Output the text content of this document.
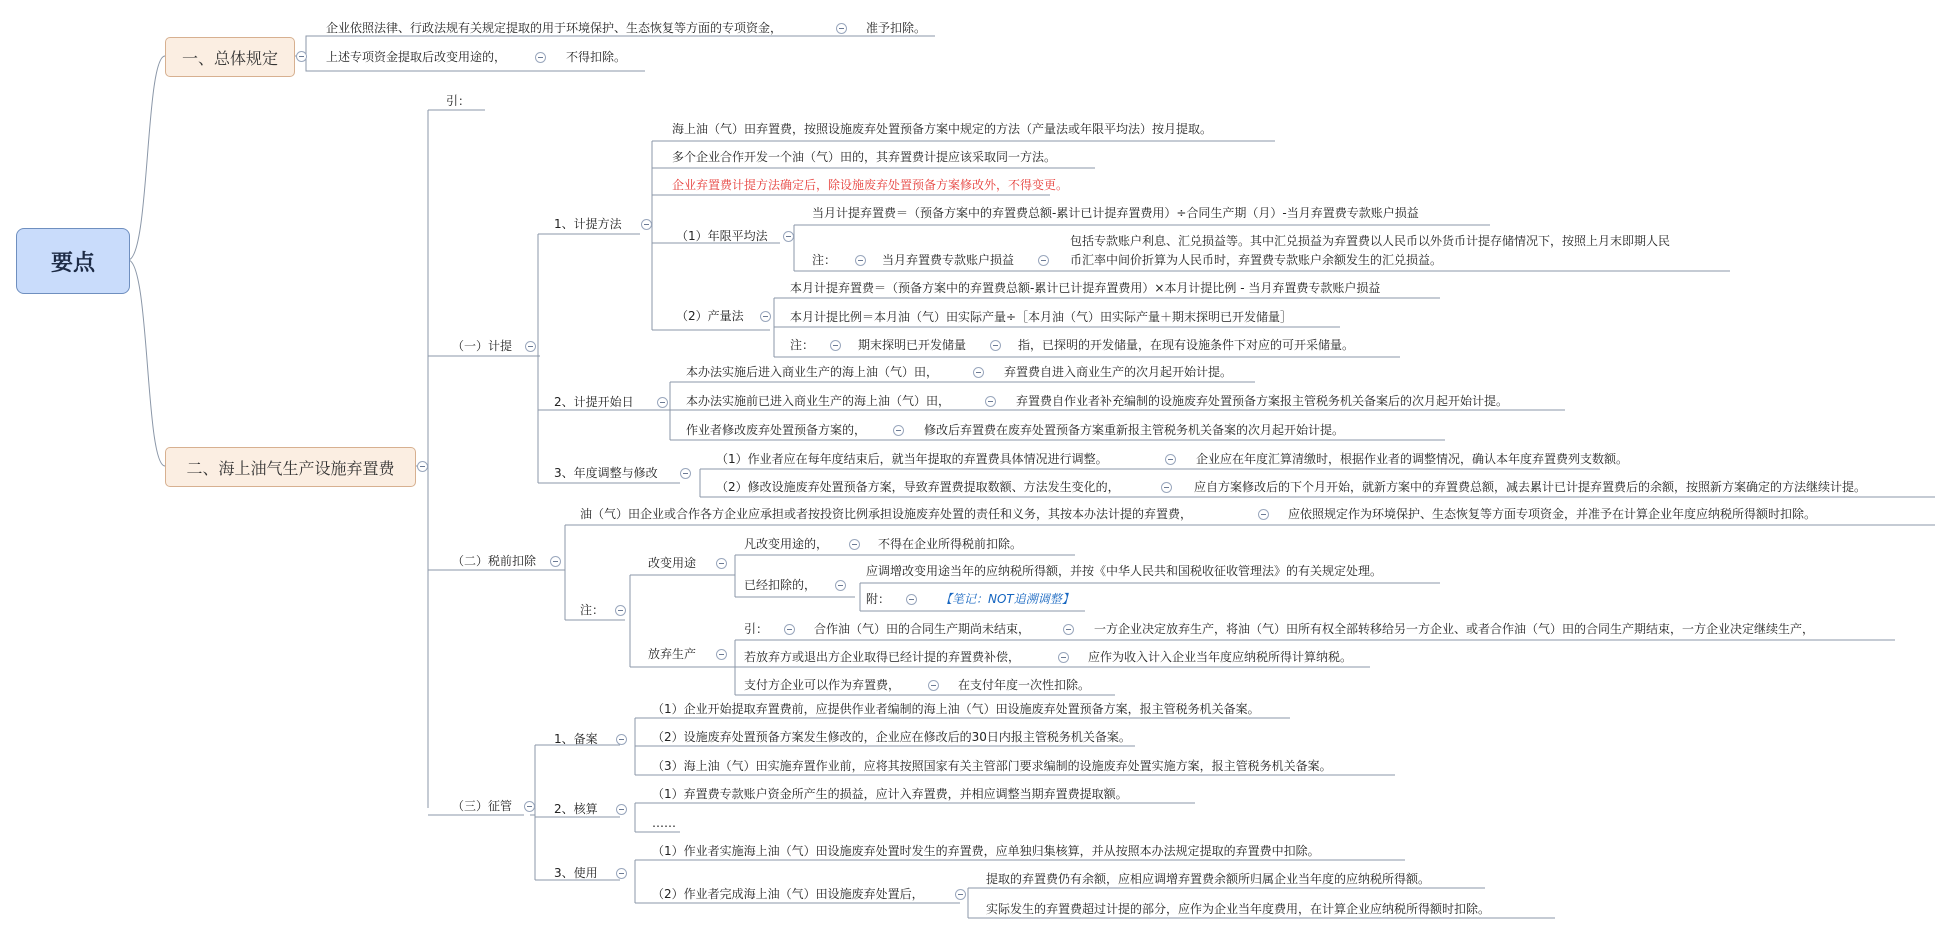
要点
一、总体规定
企业依照法律、行政法规有关规定提取的用于环境保护、生态恢复等方面的专项资金，	准予扣除。
上述专项资金提取后改变用途的，	不得扣除。
二、海上油气生产设施弃置费
引：
（一）计提
1、计提方法
海上油（气）田弃置费，按照设施废弃处置预备方案中规定的方法（产量法或年限平均法）按月提取。
多个企业合作开发一个油（气）田的，其弃置费计提应该采取同一方法。
企业弃置费计提方法确定后，除设施废弃处置预备方案修改外，不得变更。
（1）年限平均法
当月计提弃置费＝（预备方案中的弃置费总额-累计已计提弃置费用）÷合同生产期（月）-当月弃置费专款账户损益
注：	当月弃置费专款账户损益
包括专款账户利息、汇兑损益等。其中汇兑损益为弃置费以人民币以外货币计提存储情况下，按照上月末即期人民
币汇率中间价折算为人民币时，弃置费专款账户余额发生的汇兑损益。
（2）产量法
本月计提弃置费＝（预备方案中的弃置费总额-累计已计提弃置费用）×本月计提比例 - 当月弃置费专款账户损益
本月计提比例＝本月油（气）田实际产量÷［本月油（气）田实际产量＋期末探明已开发储量］
注：	期末探明已开发储量	指，已探明的开发储量，在现有设施条件下对应的可开采储量。
2、计提开始日
本办法实施后进入商业生产的海上油（气）田，	弃置费自进入商业生产的次月起开始计提。
本办法实施前已进入商业生产的海上油（气）田，	弃置费自作业者补充编制的设施废弃处置预备方案报主管税务机关备案后的次月起开始计提。
作业者修改废弃处置预备方案的，	修改后弃置费在废弃处置预备方案重新报主管税务机关备案的次月起开始计提。
3、年度调整与修改
（1）作业者应在每年度结束后，就当年提取的弃置费具体情况进行调整。	企业应在年度汇算清缴时，根据作业者的调整情况，确认本年度弃置费列支数额。
（2）修改设施废弃处置预备方案，导致弃置费提取数额、方法发生变化的，	应自方案修改后的下个月开始，就新方案中的弃置费总额，减去累计已计提弃置费后的余额，按照新方案确定的方法继续计提。
（二）税前扣除
油（气）田企业或合作各方企业应承担或者按投资比例承担设施废弃处置的责任和义务，其按本办法计提的弃置费，	应依照规定作为环境保护、生态恢复等方面专项资金，并准予在计算企业年度应纳税所得额时扣除。
注：
改变用途
凡改变用途的，	不得在企业所得税前扣除。
已经扣除的，
应调增改变用途当年的应纳税所得额，并按《中华人民共和国税收征收管理法》的有关规定处理。
附：	【笔记：NOT追溯调整】
放弃生产
引：	合作油（气）田的合同生产期尚未结束，	一方企业决定放弃生产，将油（气）田所有权全部转移给另一方企业、或者合作油（气）田的合同生产期结束，一方企业决定继续生产，
若放弃方或退出方企业取得已经计提的弃置费补偿，	应作为收入计入企业当年度应纳税所得计算纳税。
支付方企业可以作为弃置费，	在支付年度一次性扣除。
（三）征管
1、备案
（1）企业开始提取弃置费前，应提供作业者编制的海上油（气）田设施废弃处置预备方案，报主管税务机关备案。
（2）设施废弃处置预备方案发生修改的，企业应在修改后的30日内报主管税务机关备案。
（3）海上油（气）田实施弃置作业前，应将其按照国家有关主管部门要求编制的设施废弃处置实施方案，报主管税务机关备案。
2、核算
（1）弃置费专款账户资金所产生的损益，应计入弃置费，并相应调整当期弃置费提取额。
……
3、使用
（1）作业者实施海上油（气）田设施废弃处置时发生的弃置费，应单独归集核算，并从按照本办法规定提取的弃置费中扣除。
（2）作业者完成海上油（气）田设施废弃处置后，
提取的弃置费仍有余额，应相应调增弃置费余额所归属企业当年度的应纳税所得额。
实际发生的弃置费超过计提的部分，应作为企业当年度费用，在计算企业应纳税所得额时扣除。
